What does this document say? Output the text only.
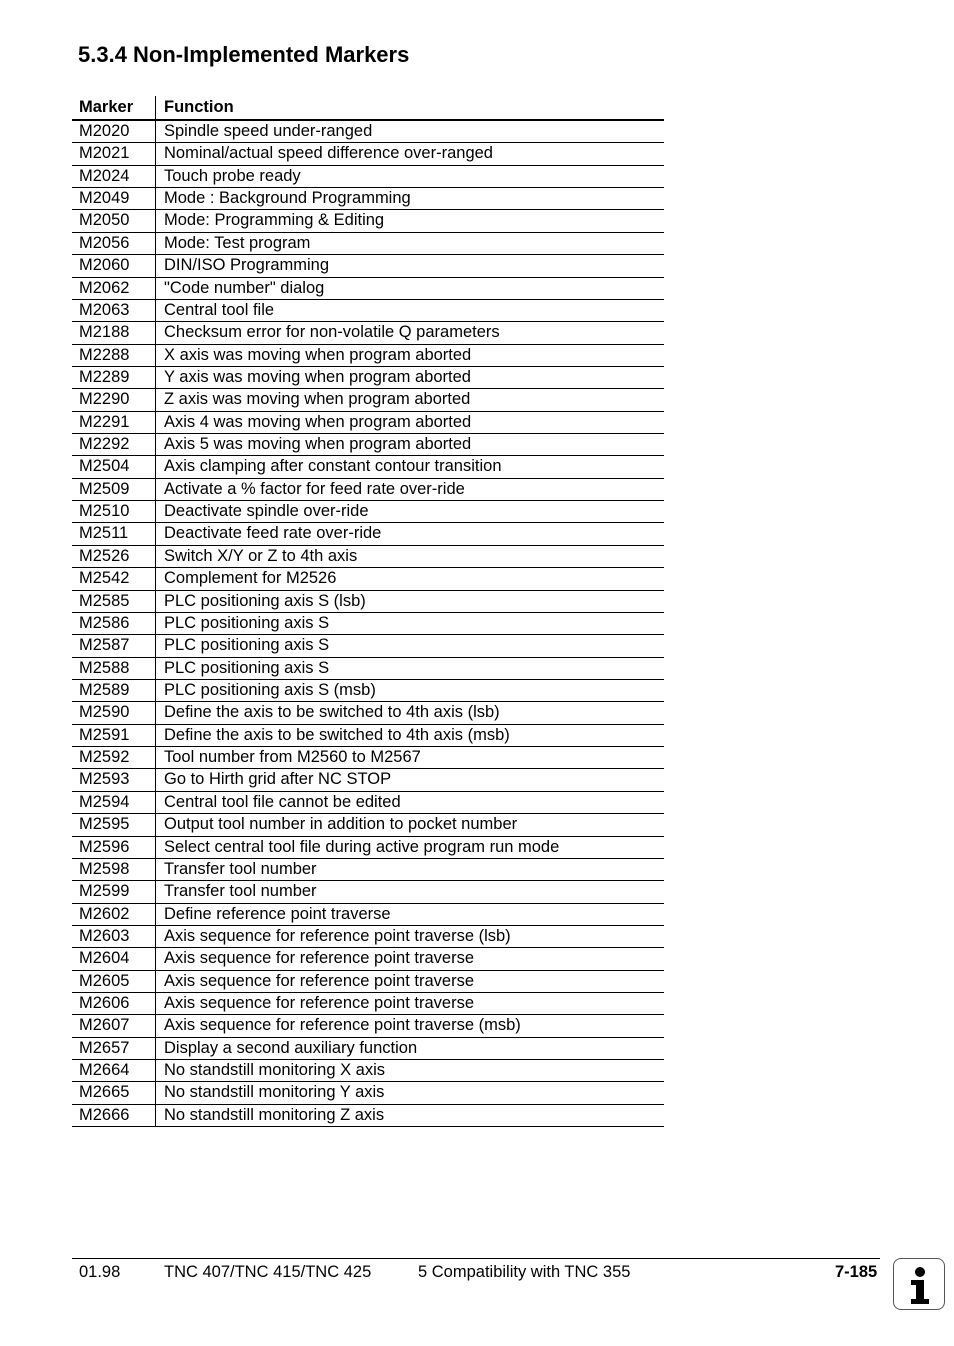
5.3.4 Non-Implemented Markers
Marker	Function
M2020	Spindle speed under-ranged
M2021	Nominal/actual speed difference over-ranged
M2024	Touch probe ready
M2049	Mode : Background Programming
M2050	Mode: Programming & Editing
M2056	Mode: Test program
M2060	DIN/ISO Programming
M2062	"Code number" dialog
M2063	Central tool file
M2188	Checksum error for non-volatile Q parameters
M2288	X axis was moving when program aborted
M2289	Y axis was moving when program aborted
M2290	Z axis was moving when program aborted
M2291	Axis 4 was moving when program aborted
M2292	Axis 5 was moving when program aborted
M2504	Axis clamping after constant contour transition
M2509	Activate a % factor for feed rate over-ride
M2510	Deactivate spindle over-ride
M2511	Deactivate feed rate over-ride
M2526	Switch X/Y or Z to 4th axis
M2542	Complement for M2526
M2585	PLC positioning axis S (lsb)
M2586	PLC positioning axis S
M2587	PLC positioning axis S
M2588	PLC positioning axis S
M2589	PLC positioning axis S (msb)
M2590	Define the axis to be switched to 4th axis (lsb)
M2591	Define the axis to be switched to 4th axis (msb)
M2592	Tool number from M2560 to M2567
M2593	Go to Hirth grid after NC STOP
M2594	Central tool file cannot be edited
M2595	Output tool number in addition to pocket number
M2596	Select central tool file during active program run mode
M2598	Transfer tool number
M2599	Transfer tool number
M2602	Define reference point traverse
M2603	Axis sequence for reference point traverse (lsb)
M2604	Axis sequence for reference point traverse
M2605	Axis sequence for reference point traverse
M2606	Axis sequence for reference point traverse
M2607	Axis sequence for reference point traverse (msb)
M2657	Display a second auxiliary function
M2664	No standstill monitoring X axis
M2665	No standstill monitoring Y axis
M2666	No standstill monitoring Z axis
01.98	TNC 407/TNC 415/TNC 425	5 Compatibility with TNC 355	7-185
